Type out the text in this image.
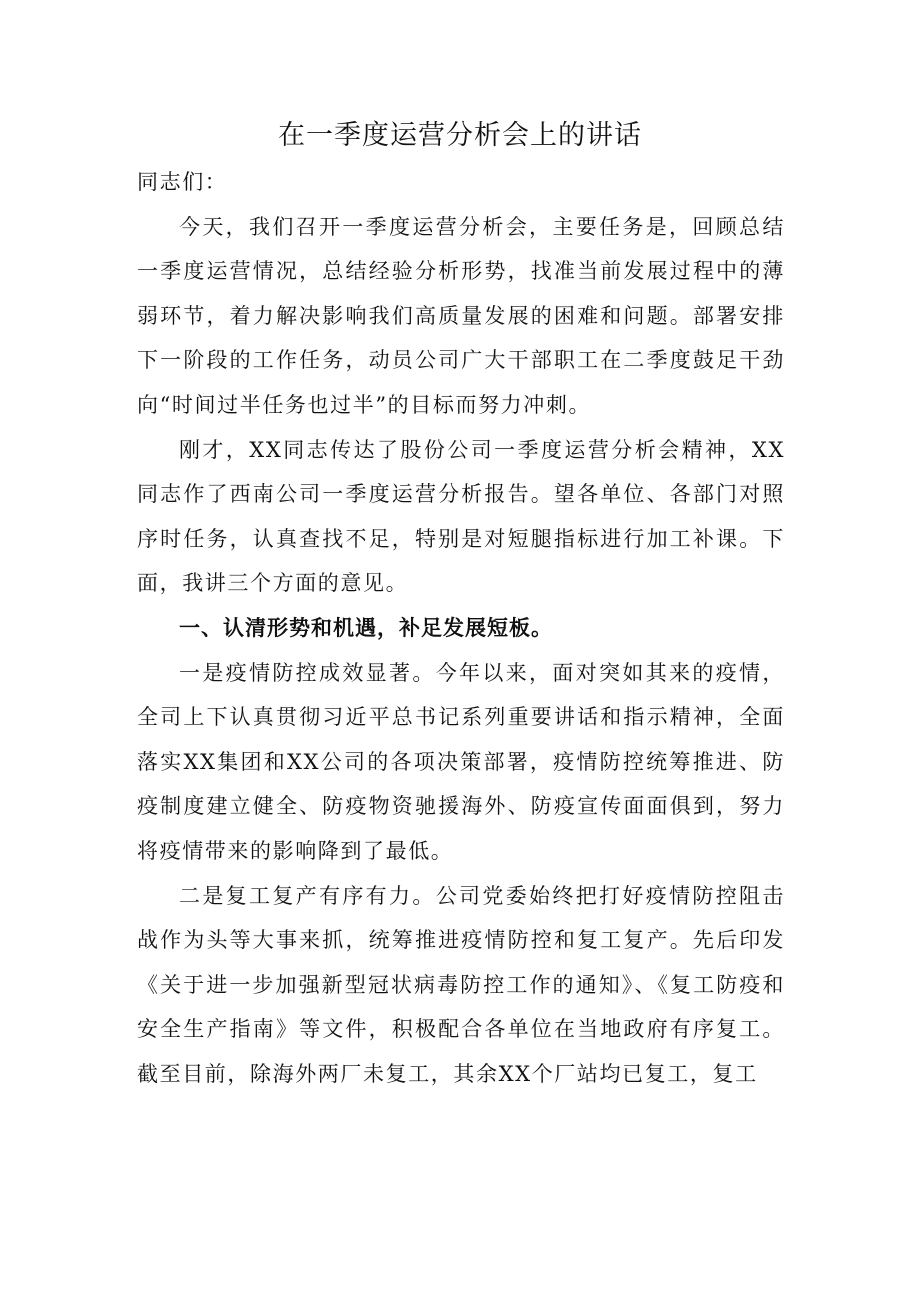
在一季度运营分析会上的讲话

同志们：

今天，我们召开一季度运营分析会，主要任务是，回顾总结一季度运营情况，总结经验分析形势，找准当前发展过程中的薄弱环节，着力解决影响我们高质量发展的困难和问题。部署安排下一阶段的工作任务，动员公司广大干部职工在二季度鼓足干劲向“时间过半任务也过半”的目标而努力冲刺。

刚才，XX同志传达了股份公司一季度运营分析会精神，XX同志作了西南公司一季度运营分析报告。望各单位、各部门对照序时任务，认真查找不足，特别是对短腿指标进行加工补课。下面，我讲三个方面的意见。

一、认清形势和机遇，补足发展短板。

一是疫情防控成效显著。今年以来，面对突如其来的疫情，全司上下认真贯彻习近平总书记系列重要讲话和指示精神，全面落实XX集团和XX公司的各项决策部署，疫情防控统筹推进、防疫制度建立健全、防疫物资驰援海外、防疫宣传面面俱到，努力将疫情带来的影响降到了最低。

二是复工复产有序有力。公司党委始终把打好疫情防控阻击战作为头等大事来抓，统筹推进疫情防控和复工复产。先后印发《关于进一步加强新型冠状病毒防控工作的通知》、《复工防疫和安全生产指南》等文件，积极配合各单位在当地政府有序复工。截至目前，除海外两厂未复工，其余XX个厂站均已复工，复工
